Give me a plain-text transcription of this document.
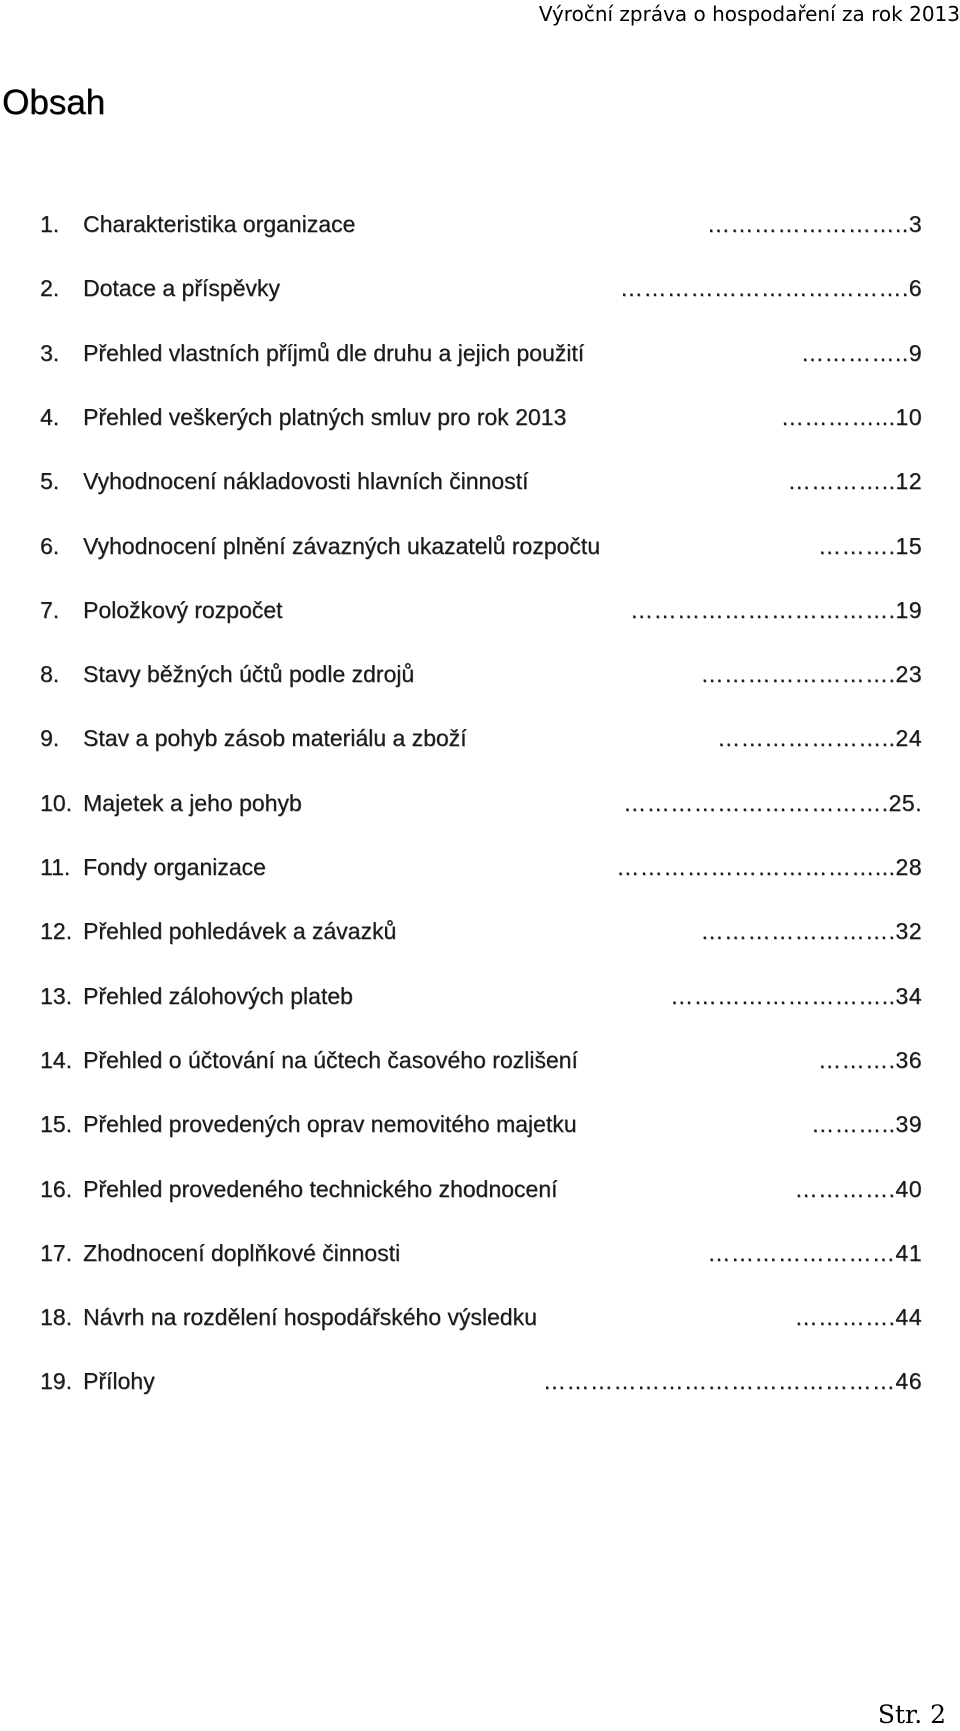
Výroční zpráva o hospodaření za rok 2013
Obsah
1. Charakteristika organizace	……………………..3
2. Dotace a příspěvky	……………………………….6
3. Přehled vlastních příjmů dle druhu a jejich použití	…………..9
4. Přehled veškerých platných smluv pro rok 2013	…………...10
5. Vyhodnocení nákladovosti hlavních činností	…………..12
6. Vyhodnocení plnění závazných ukazatelů rozpočtu	……….15
7. Položkový rozpočet	…………………………….19
8. Stavy běžných účtů podle zdrojů	…………………….23
9. Stav a pohyb zásob materiálu a zboží	…………………..24
10. Majetek a jeho pohyb	…………………………….25.
11. Fondy organizace	……………………………...28
12. Přehled pohledávek a závazků	…………………….32
13. Přehled zálohových plateb	………………………..34
14. Přehled o účtování na účtech časového rozlišení	……….36
15. Přehled provedených oprav nemovitého majetku	………..39
16. Přehled provedeného technického zhodnocení	………….40
17. Zhodnocení doplňkové činnosti	……………………41
18. Návrh na rozdělení hospodářského výsledku	………….44
19. Přílohy	………………………………………46
Str. 2
